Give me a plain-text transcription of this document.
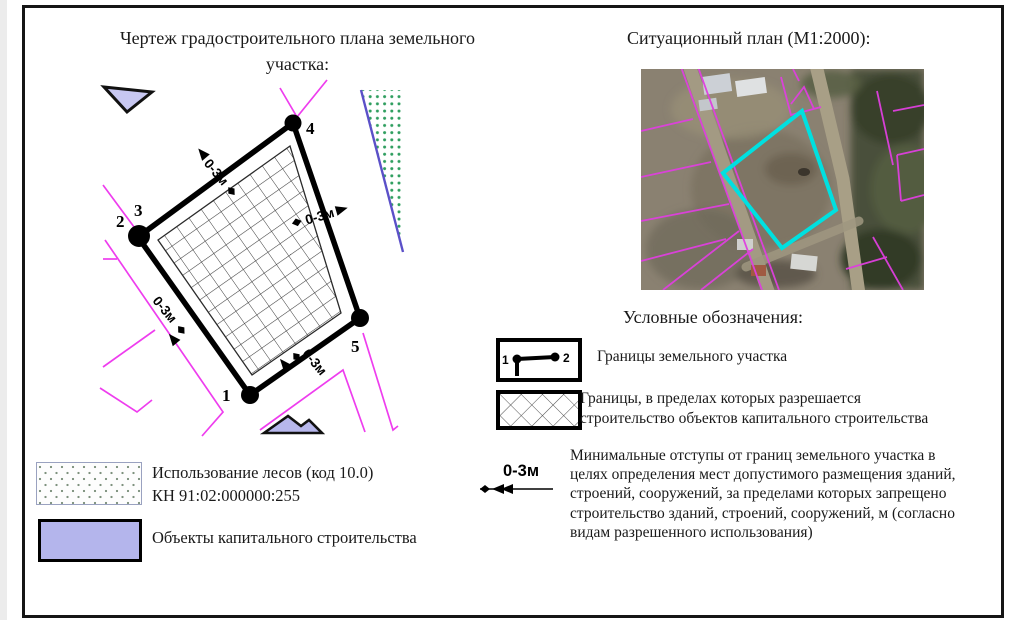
Чертеж градостроительного плана земельного
участка:
Ситуационный план (М1:2000):
4
2
3
1
5
0-3м
0-3м
0-3м
0-3м
Условные обозначения:
1	2 Границы земельного участка
Границы, в пределах которых разрешается
строительство объектов капитального строительства
0-3м
Минимальные отступы от границ земельного участка в
целях определения мест допустимого размещения зданий,
строений, сооружений, за пределами которых запрещено
строительство зданий, строений, сооружений, м (согласно
видам разрешенного использования)
Использование лесов (код 10.0)
КН 91:02:000000:255
Объекты капитального строительства
